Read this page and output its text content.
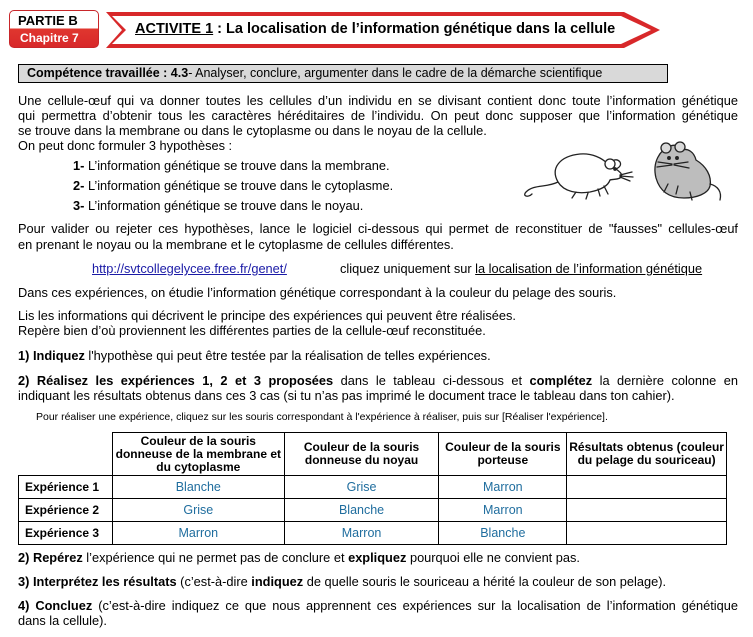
PARTIE B
Chapitre 7
ACTIVITE 1 : La localisation de l’information génétique dans la cellule
Compétence travaillée : 4.3- Analyser, conclure, argumenter dans le cadre de la démarche scientifique
Une cellule-œuf qui va donner toutes les cellules d’un individu en se divisant contient donc toute l’information génétique
qui permettra d’obtenir tous les caractères héréditaires de l’individu. On peut donc supposer que l’information génétique
se trouve dans la membrane ou dans le cytoplasme ou dans le noyau de la cellule.
On peut donc formuler 3 hypothèses :
1- L’information génétique se trouve dans la membrane.
2- L’information génétique se trouve dans le cytoplasme.
3- L’information génétique se trouve dans le noyau.
Pour valider ou rejeter ces hypothèses, lance le logiciel ci-dessous qui permet de reconstituer de "fausses" cellules-œuf
en prenant le noyau ou la membrane et le cytoplasme de cellules différentes.
http://svtcollegelycee.free.fr/genet/	cliquez uniquement sur la localisation de l’information génétique
Dans ces expériences, on étudie l’information génétique correspondant à la couleur du pelage des souris.
Lis les informations qui décrivent le principe des expériences qui peuvent être réalisées.
Repère bien d’où proviennent les différentes parties de la cellule-œuf reconstituée.
1) Indiquez l'hypothèse qui peut être testée par la réalisation de telles expériences.
2) Réalisez les expériences 1, 2 et 3 proposées dans le tableau ci-dessous et complétez la dernière colonne en
indiquant les résultats obtenus dans ces 3 cas (si tu n’as pas imprimé le document trace le tableau dans ton cahier).
Pour réaliser une expérience, cliquez sur les souris correspondant à l'expérience à réaliser, puis sur [Réaliser l'expérience].
	Couleur de la souris donneuse de la membrane et du cytoplasme	Couleur de la souris donneuse du noyau	Couleur de la souris porteuse	Résultats obtenus (couleur du pelage du souriceau)
Expérience 1	Blanche	Grise	Marron	
Expérience 2	Grise	Blanche	Marron	
Expérience 3	Marron	Marron	Blanche	
2) Repérez l’expérience qui ne permet pas de conclure et expliquez pourquoi elle ne convient pas.
3) Interprétez les résultats (c’est-à-dire indiquez de quelle souris le souriceau a hérité la couleur de son pelage).
4) Concluez (c’est-à-dire indiquez ce que nous apprennent ces expériences sur la localisation de l’information génétique
dans la cellule).
